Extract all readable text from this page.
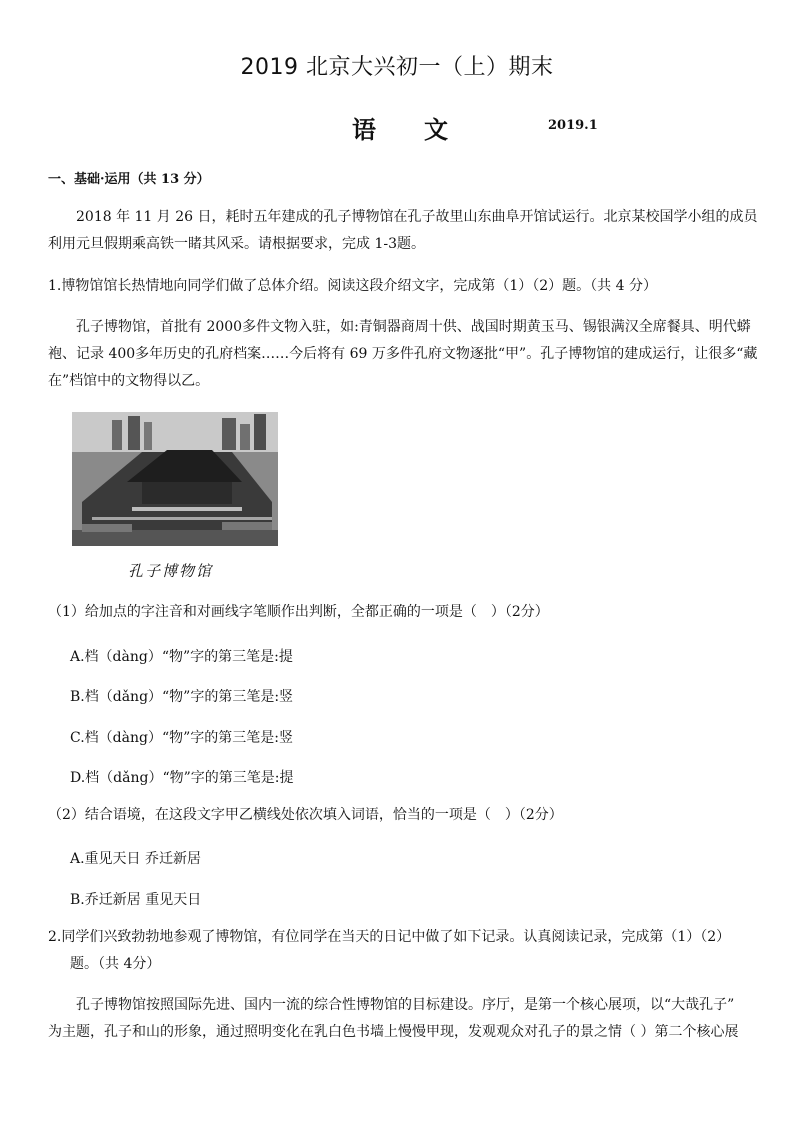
2019 北京大兴初一（上）期末
语文	2019.1
一、基础·运用（共 13 分）
2018 年 11 月 26 日，耗时五年建成的孔子博物馆在孔子故里山东曲阜开馆试运行。北京某校国学小组的成员
利用元旦假期乘高铁一睹其风采。请根据要求，完成 1-3题。
1.博物馆馆长热情地向同学们做了总体介绍。阅读这段介绍文字，完成第（1）（2）题。（共 4 分）
孔子博物馆，首批有 2000多件文物入驻，如:青铜器商周十供、战国时期黄玉马、锡银满汉全席餐具、明代蟒
袍、记录 400多年历史的孔府档案……今后将有 69 万多件孔府文物逐批“甲”。孔子博物馆的建成运行，让很多“藏
在”档馆中的文物得以乙。
孔子博物馆
（1）给加点的字注音和对画线字笔顺作出判断，全都正确的一项是（　）（2分）
A.档（dàng）“物”字的第三笔是:提
B.档（dǎng）“物”字的第三笔是:竖
C.档（dàng）“物”字的第三笔是:竖
D.档（dǎng）“物”字的第三笔是:提
（2）结合语境，在这段文字甲乙横线处依次填入词语，恰当的一项是（　）（2分）
A.重见天日 乔迁新居
B.乔迁新居 重见天日
2.同学们兴致勃勃地参观了博物馆，有位同学在当天的日记中做了如下记录。认真阅读记录，完成第（1）（2）
题。（共 4分）
孔子博物馆按照国际先进、国内一流的综合性博物馆的目标建设。序厅，是第一个核心展项，以“大哉孔子”
为主题，孔子和山的形象，通过照明变化在乳白色书墙上慢慢甲现，发观观众对孔子的景之情（ ）第二个核心展
